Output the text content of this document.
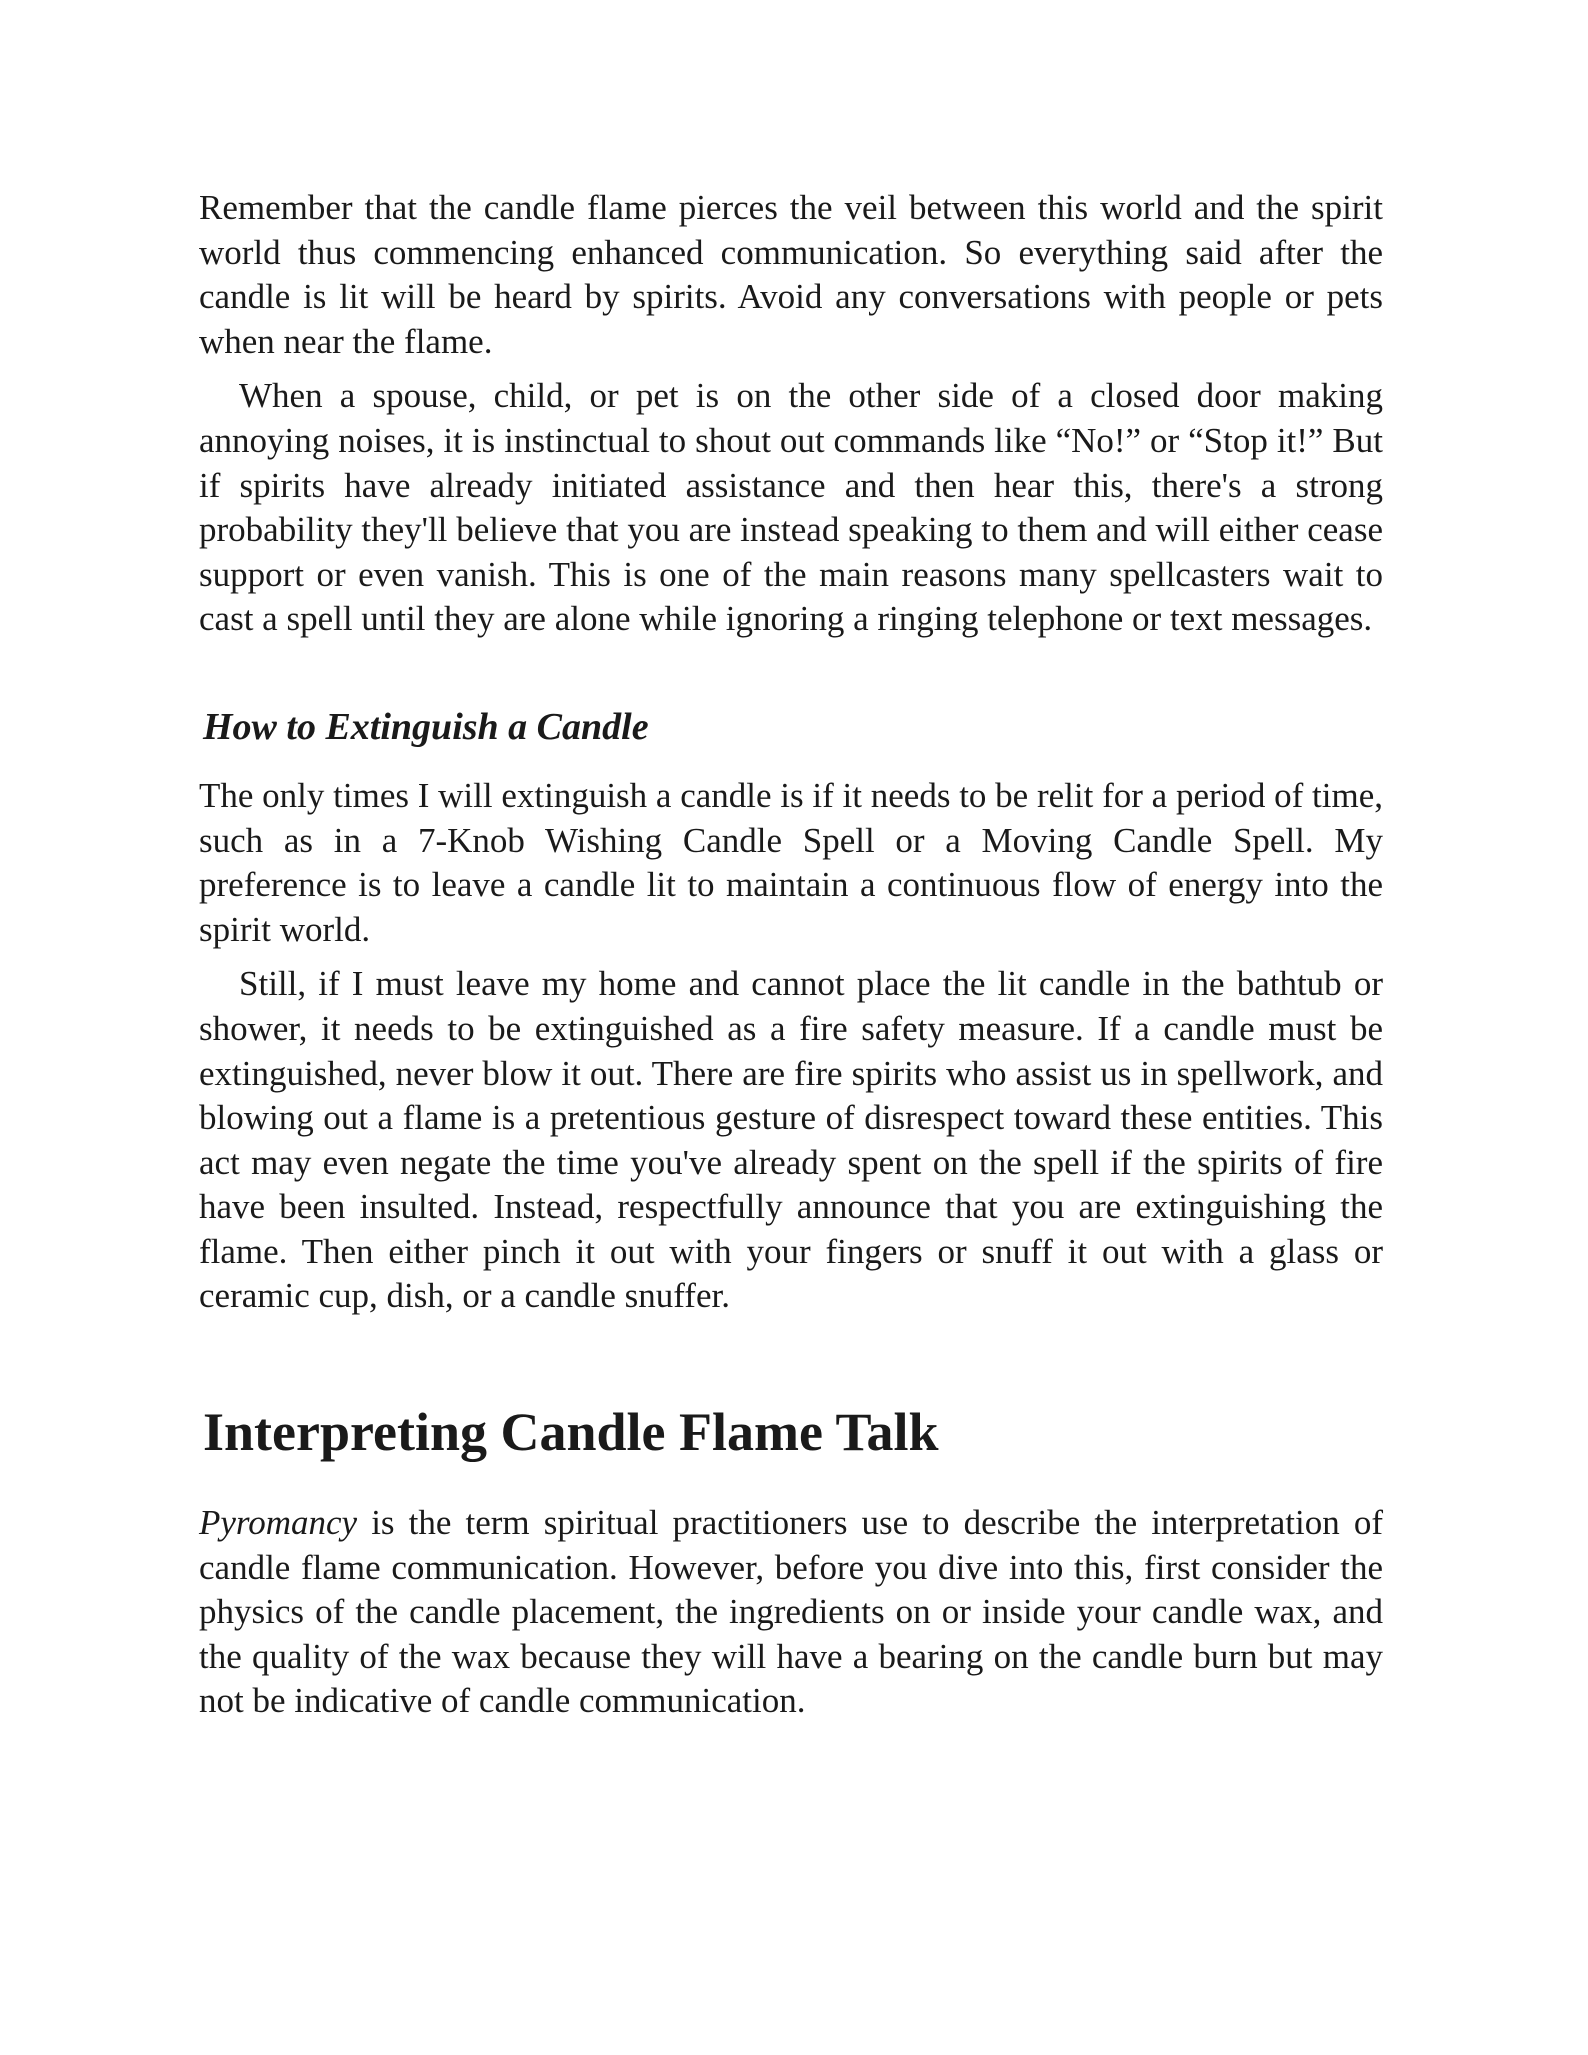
Remember that the candle flame pierces the veil between this world and the spirit world thus commencing enhanced communication. So everything said after the candle is lit will be heard by spirits. Avoid any conversations with people or pets when near the flame.

When a spouse, child, or pet is on the other side of a closed door making annoying noises, it is instinctual to shout out commands like “No!” or “Stop it!” But if spirits have already initiated assistance and then hear this, there's a strong probability they'll believe that you are instead speaking to them and will either cease support or even vanish. This is one of the main reasons many spellcasters wait to cast a spell until they are alone while ignoring a ringing telephone or text messages.

How to Extinguish a Candle

The only times I will extinguish a candle is if it needs to be relit for a period of time, such as in a 7-Knob Wishing Candle Spell or a Moving Candle Spell. My preference is to leave a candle lit to maintain a continuous flow of energy into the spirit world.

Still, if I must leave my home and cannot place the lit candle in the bathtub or shower, it needs to be extinguished as a fire safety measure. If a candle must be extinguished, never blow it out. There are fire spirits who assist us in spellwork, and blowing out a flame is a pretentious gesture of disrespect toward these entities. This act may even negate the time you've already spent on the spell if the spirits of fire have been insulted. Instead, respectfully announce that you are extinguishing the flame. Then either pinch it out with your fingers or snuff it out with a glass or ceramic cup, dish, or a candle snuffer.

Interpreting Candle Flame Talk

Pyromancy is the term spiritual practitioners use to describe the interpretation of candle flame communication. However, before you dive into this, first consider the physics of the candle placement, the ingredients on or inside your candle wax, and the quality of the wax because they will have a bearing on the candle burn but may not be indicative of candle communication.
